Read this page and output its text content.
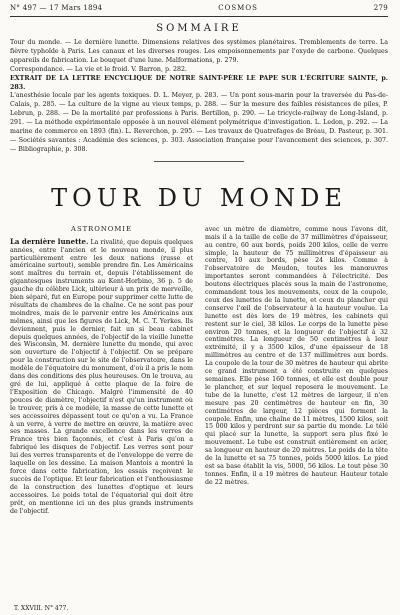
N° 497 — 17 Mars 1894	COSMOS	279
SOMMAIRE

Tour du monde. — Le dernière lunette. Dimensions relatives des systèmes planétaires. Tremblements de terre. La fièvre typhoïde à Paris. Les canaux et les diverses rouges. Les empoisonnements par l'oxyde de carbone. Quelques appareils de fabrication. Le bouquet d'une lune. Malformations, p. 279.

Correspondance. — La vie et le froid. V. Barron, p. 282.

EXTRAIT DE LA LETTRE ENCYCLIQUE DE NOTRE SAINT-PÈRE LE PAPE SUR L'ÉCRITURE SAINTE, p. 283.

L'anesthésie locale par les agents toxiques. D. L. Meyer, p. 283. — Un pont sous-marin pour la traversée du Pas-de-Calais, p. 285. — La culture de la vigne au vieux temps, p. 288. — Sur la mesure des faibles résistances de piles, P. Lebrun, p. 288. — De la mortalité par professions à Paris. Bertillon, p. 290. — Le tricycle-railway de Long-Island, p. 291. — La méthode expérimentale opposée à un nouvel élément polymétrique d'investigation. L. Ledon, p. 292. — La marine de commerce en 1893 (fin). L. Reverchon, p. 295. — Les travaux de Quatrefages de Bréau, D. Pasteur, p. 301. — Sociétés savantes : Académie des sciences, p. 303. Association française pour l'avancement des sciences, p. 307. — Bibliographie, p. 308.

TOUR DU MONDE
ASTRONOMIE

La dernière lunette. La rivalité, que depuis quelques années, entre l'ancien et le nouveau monde, il plus particulièrement entre les deux nations (russe et américaine surtout), semble prendre fin. Les Américains sont maîtres du terrain et, depuis l'établissement de gigantesques instruments au Kent-Horbino, 36 p. 5 de gauche du célèbre Lick, ultérieur à un prix de merveille, bien séparé, fut en Europe pour supprimer cette lutte de résultats de chambres de la chaîne. Ce ne sont pas pour moindres, mais de le parvenir entre les Américains aux mêmes, ainsi que les figures de Lick, M. C. T. Yerkes. Ils deviennent, puis le dernier, fait un si beau cabinet depuis quelques années, de l'objectif de la vieille lunette des Wisconsin, M. dernière lunette du monde, qui avec son ouverture de l'objectif à l'objectif. On se prépare pour la construction sur le site de l'observatoire, dans le modèle de l'équatoire du monument, d'où il a pris le nom dans des conditions des plus heureuses. On le trouva, au gré de lui, appliqué à cette plaque de la foire de l'Exposition de Chicago. Malgré l'immensité de 40 pouces de diamètre, l'objectif n'est qu'un instrument où le trouver, pris à ce modèle, la masse de cette lunette et ses accessoires dépassent tout ce qu'on a vu. La France à un verre, à verre de mettre en œuvre, la matière avec ses masses. La grande excellence dans les verres de France très bien façonnés, et c'est à Paris qu'on a fabriqué les disques de l'objectif. Les verres sont pour lui des verres transparents et de l'enveloppe de verre de laquelle on les dessine. La maison Mantois a montré la force dans cette fabrication, les essais reçoivent le succès de l'optique. Et leur fabrication et l'enthousiasme de la construction des lunettes d'optique et leurs accessoires. Le poids total de l'équatorial qui doit être prêt, on mentionne ici un des plus grands instruments de l'objectif.

avec un mètre de diamètre, comme nous l'avons dit, mais il a la taille de celle de 37 millimètres d'épaisseur, au centre, 60 aux bords, poids 200 kilos, celle de verre simple, la hauteur de 75 millimètres d'épaisseur au centre, 10 aux bords, pèse 24 kilos. Comme à l'observatoire de Meudon, toutes les manœuvres importantes seront commandées à l'électricité. Des boutons électriques placés sous la main de l'astronome, commandent tous les mouvements, ceux de la coupole, ceux des lunettes de la lunette, et ceux du plancher qui conserve l'œil de l'observateur à la hauteur voulue. La lunette est dès lors de 19 mètres, les cabinets qui restent sur le ciel, 38 kilos. Le corps de la lunette pèse environ 20 tonnes, et la longueur de l'objectif à 32 centimètres. La longueur de 50 centimètres à leur extrémité, il y a 3500 kilos, d'une épaisseur de 18 millimètres au centre et de 137 millimètres aux bords. La coupole de la tour de 30 mètres de hauteur qui abrite ce grand instrument a été construite en quelques semaines. Elle pèse 160 tonnes, et elle est double pour le plancher, et sur lequel reposera le mouvement. Le tube de la lunette, c'est 12 mètres de largeur, il n'en mesure pas 20 centimètres de hauteur en fin, 30 centimètres de largeur, 12 pièces qui forment la coupole. Enfin, une chaîne de 11 mètres, 1500 kilos, soit 15 000 kilos y perdront sur sa partie du monde. Le télé qui placé sur la lunette, la support sera plus fixé le mouvement. Le tube est construit entièrement en acier, sa longueur en hauteur de 20 mètres. Le poids de la tête de la lunette et sa 75 tonnes, poids 5000 kilos. Le pied est sa base établit la vis, 5000, 56 kilos. Le tout pèse 30 tonnes. Enfin, il a 19 mètres de hauteur. Hauteur totale de 22 mètres.

T. XXVIII. N° 477.
